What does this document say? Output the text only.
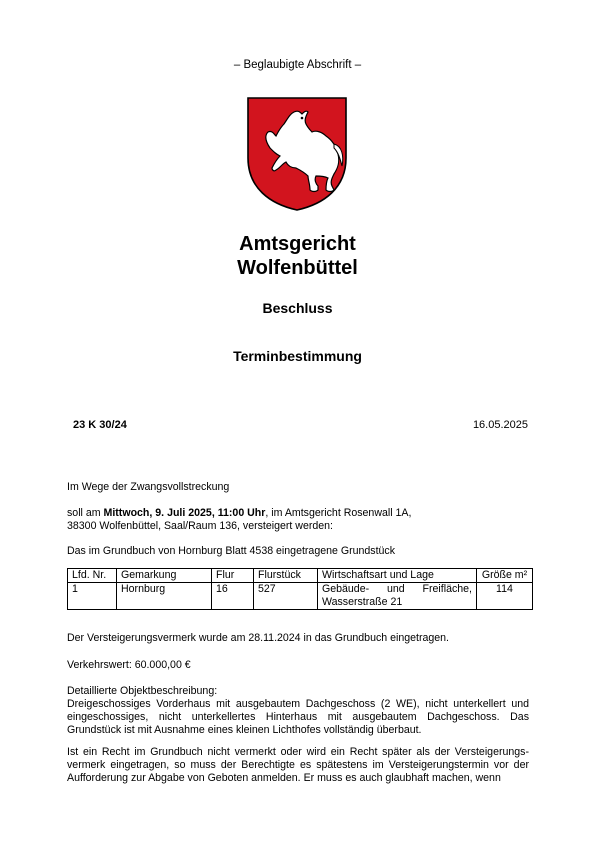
– Beglaubigte Abschrift –
Amtsgericht
Wolfenbüttel
Beschluss
Terminbestimmung
23 K 30/24	16.05.2025
Im Wege der Zwangsvollstreckung
soll am Mittwoch, 9. Juli 2025, 11:00 Uhr, im Amtsgericht Rosenwall 1A,
38300 Wolfenbüttel, Saal/Raum 136, versteigert werden:
Das im Grundbuch von Hornburg Blatt 4538 eingetragene Grundstück
Lfd. Nr.	Gemarkung	Flur	Flurstück	Wirtschaftsart und Lage	Größe m²
1	Hornburg	16	527	Gebäude- und Freifläche,
Wasserstraße 21	114
Der Versteigerungsvermerk wurde am 28.11.2024 in das Grundbuch eingetragen.
Verkehrswert: 60.000,00 €
Detaillierte Objektbeschreibung:
Dreigeschossiges Vorderhaus mit ausgebautem Dachgeschoss (2 WE), nicht unterkellert und eingeschossiges, nicht unterkellertes Hinterhaus mit ausgebautem Dachgeschoss. Das Grundstück ist mit Ausnahme eines kleinen Lichthofes vollständig überbaut.
Ist ein Recht im Grundbuch nicht vermerkt oder wird ein Recht später als der Versteigerungs-vermerk eingetragen, so muss der Berechtigte es spätestens im Versteigerungstermin vor der Aufforderung zur Abgabe von Geboten anmelden. Er muss es auch glaubhaft machen, wenn
